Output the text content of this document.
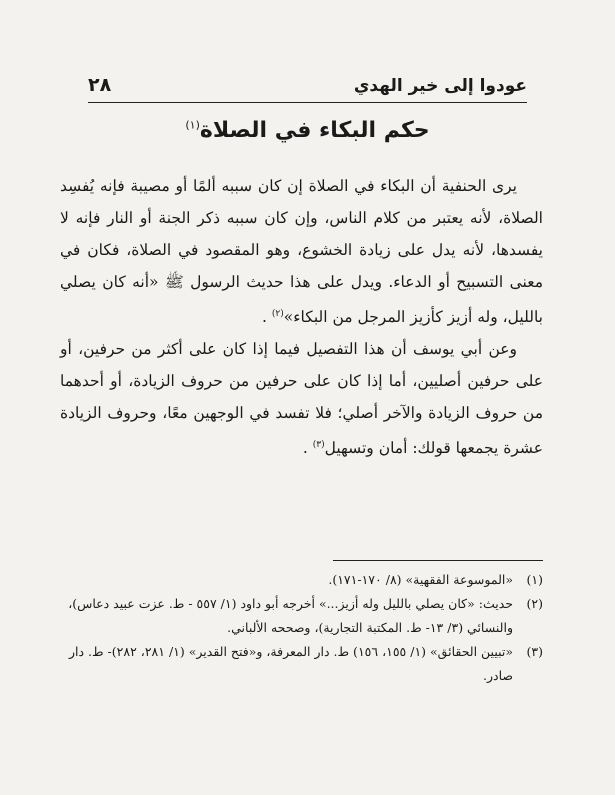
٢٨	عودوا إلى خير الهدي
حكم البكاء في الصلاة$^{(١)}$

يرى الحنفية أن البكاء في الصلاة إن كان سببه ألمًا أو مصيبة فإنه يُفسِد الصلاة، لأنه يعتبر من كلام الناس، وإن كان سببه ذكر الجنة أو النار فإنه لا يفسدها، لأنه يدل على زيادة الخشوع، وهو المقصود في الصلاة، فكان في معنى التسبيح أو الدعاء. ويدل على هذا حديث الرسول ﷺ «أنه كان يصلي بالليل، وله أزيز كأزيز المرجل من البكاء»$^{(٢)}$ .

وعن أبي يوسف أن هذا التفصيل فيما إذا كان على أكثر من حرفين، أو على حرفين أصليين، أما إذا كان على حرفين من حروف الزيادة، أو أحدهما من حروف الزيادة والآخر أصلي؛ فلا تفسد في الوجهين معًا، وحروف الزيادة عشرة يجمعها قولك: أمان وتسهيل$^{(٣)}$ .

(١)
«الموسوعة الفقهية» (٨/ ١٧٠-١٧١).
(٢)
حديث: «كان يصلي بالليل وله أزيز...» أخرجه أبو داود (١/ ٥٥٧ - ط. عزت عبيد دعاس)، والنسائي (٣/ ١٣- ط. المكتبة التجارية)، وصححه الألباني.
(٣)
«تبيين الحقائق» (١/ ١٥٥، ١٥٦) ط. دار المعرفة، و«فتح القدير» (١/ ٢٨١، ٢٨٢)- ط. دار صادر.
